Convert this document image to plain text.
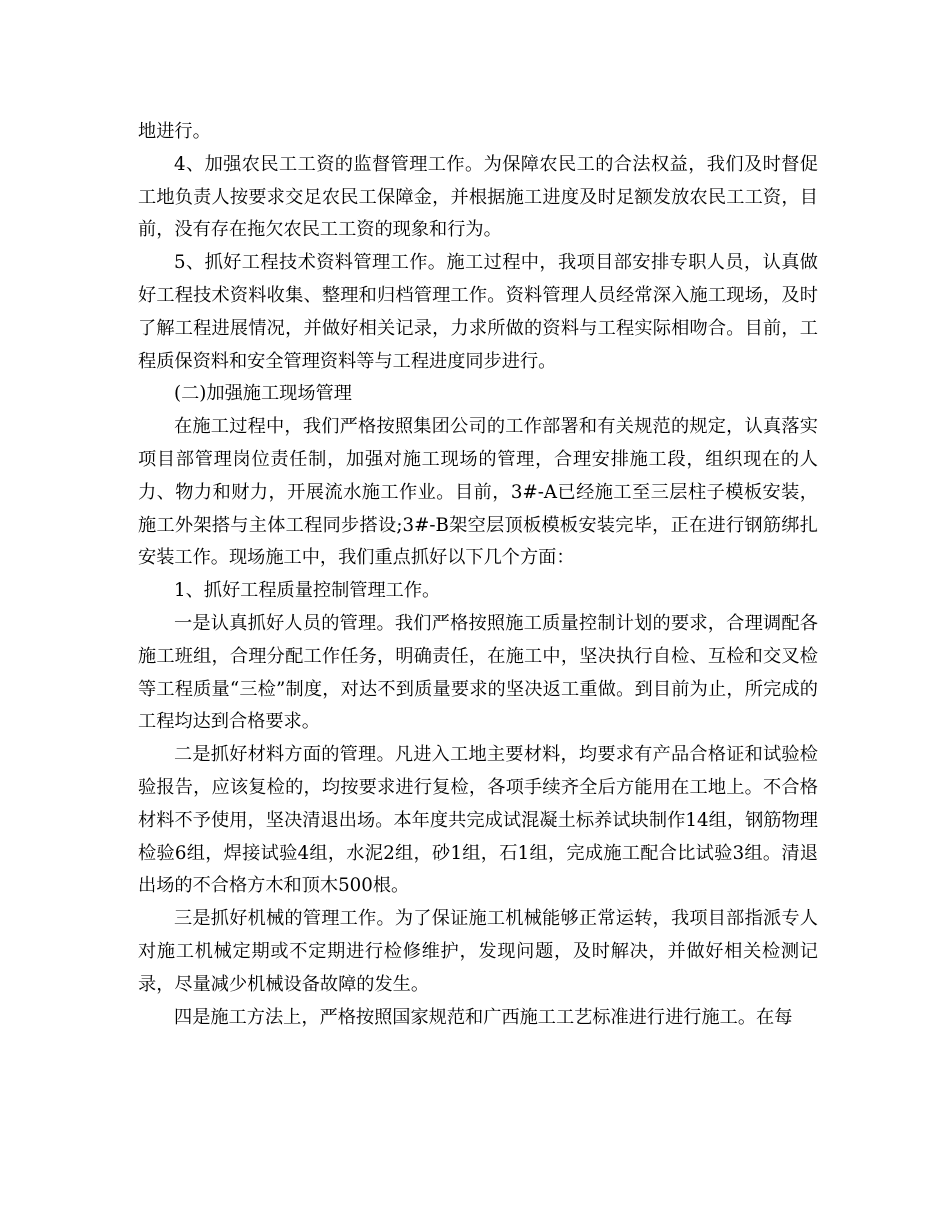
地进行。

4、加强农民工工资的监督管理工作。为保障农民工的合法权益，我们及时督促工地负责人按要求交足农民工保障金，并根据施工进度及时足额发放农民工工资，目前，没有存在拖欠农民工工资的现象和行为。

5、抓好工程技术资料管理工作。施工过程中，我项目部安排专职人员，认真做好工程技术资料收集、整理和归档管理工作。资料管理人员经常深入施工现场，及时了解工程进展情况，并做好相关记录，力求所做的资料与工程实际相吻合。目前，工程质保资料和安全管理资料等与工程进度同步进行。

(二)加强施工现场管理

在施工过程中，我们严格按照集团公司的工作部署和有关规范的规定，认真落实项目部管理岗位责任制，加强对施工现场的管理，合理安排施工段，组织现在的人力、物力和财力，开展流水施工作业。目前，3#-A已经施工至三层柱子模板安装，施工外架搭与主体工程同步搭设;3#-B架空层顶板模板安装完毕，正在进行钢筋绑扎安装工作。现场施工中，我们重点抓好以下几个方面：

1、抓好工程质量控制管理工作。

一是认真抓好人员的管理。我们严格按照施工质量控制计划的要求，合理调配各施工班组，合理分配工作任务，明确责任，在施工中，坚决执行自检、互检和交叉检等工程质量“三检”制度，对达不到质量要求的坚决返工重做。到目前为止，所完成的工程均达到合格要求。

二是抓好材料方面的管理。凡进入工地主要材料，均要求有产品合格证和试验检验报告，应该复检的，均按要求进行复检，各项手续齐全后方能用在工地上。不合格材料不予使用，坚决清退出场。本年度共完成试混凝土标养试块制作14组，钢筋物理检验6组，焊接试验4组，水泥2组，砂1组，石1组，完成施工配合比试验3组。清退出场的不合格方木和顶木500根。

三是抓好机械的管理工作。为了保证施工机械能够正常运转，我项目部指派专人对施工机械定期或不定期进行检修维护，发现问题，及时解决，并做好相关检测记录，尽量减少机械设备故障的发生。

四是施工方法上，严格按照国家规范和广西施工工艺标准进行进行施工。在每
